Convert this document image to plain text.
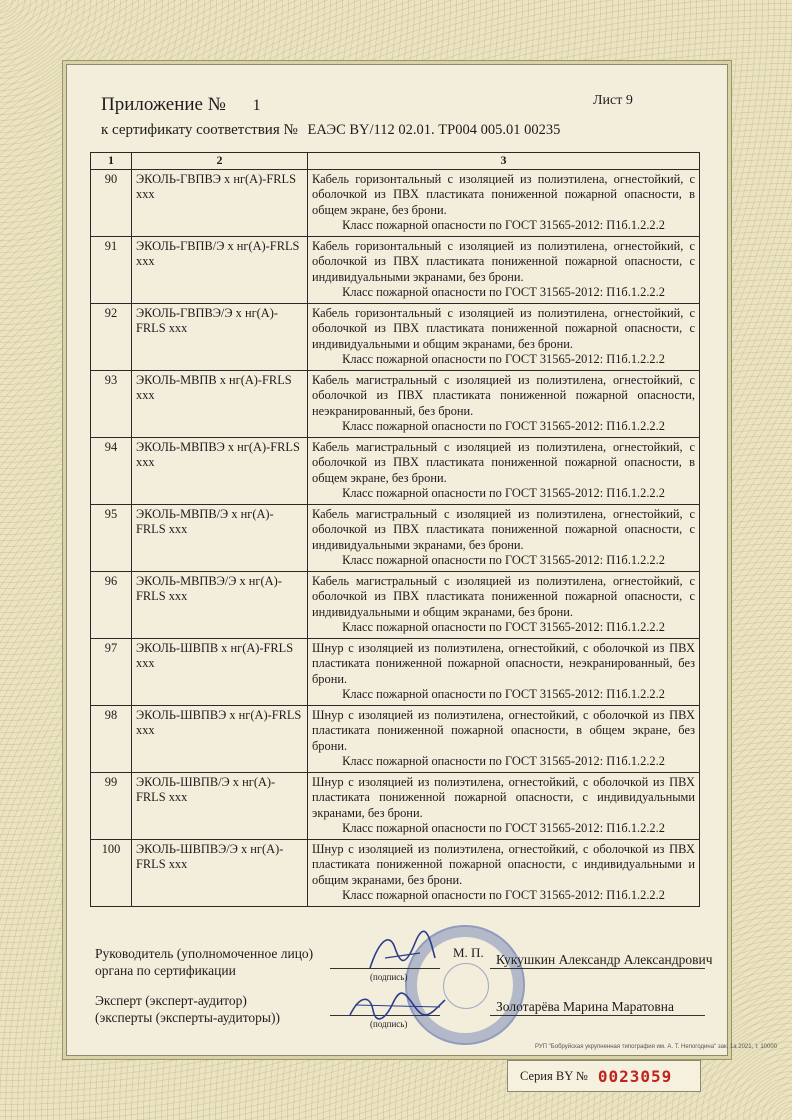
Приложение № 1	Лист 9
к сертификату соответствия № ЕАЭС BY/112 02.01. ТР004 005.01 00235
1	2	3
90	ЭКОЛЬ-ГВПВЭ х нг(А)-FRLS ххх	Кабель горизонтальный с изоляцией из полиэтилена, огнестойкий, с оболочкой из ПВХ пластиката пониженной пожарной опасности, в общем экране, без брони.
Класс пожарной опасности по ГОСТ 31565-2012: П1б.1.2.2.2

91	ЭКОЛЬ-ГВПВ/Э х нг(А)-FRLS ххх	Кабель горизонтальный с изоляцией из полиэтилена, огнестойкий, с оболочкой из ПВХ пластиката пониженной пожарной опасности, с индивидуальными экранами, без брони.
Класс пожарной опасности по ГОСТ 31565-2012: П1б.1.2.2.2

92	ЭКОЛЬ-ГВПВЭ/Э х нг(А)-FRLS ххх	Кабель горизонтальный с изоляцией из полиэтилена, огнестойкий, с оболочкой из ПВХ пластиката пониженной пожарной опасности, с индивидуальными и общим экранами, без брони.
Класс пожарной опасности по ГОСТ 31565-2012: П1б.1.2.2.2

93	ЭКОЛЬ-МВПВ х нг(А)-FRLS ххх	Кабель магистральный с изоляцией из полиэтилена, огнестойкий, с оболочкой из ПВХ пластиката пониженной пожарной опасности, неэкранированный, без брони.
Класс пожарной опасности по ГОСТ 31565-2012: П1б.1.2.2.2

94	ЭКОЛЬ-МВПВЭ х нг(А)-FRLS ххх	Кабель магистральный с изоляцией из полиэтилена, огнестойкий, с оболочкой из ПВХ пластиката пониженной пожарной опасности, в общем экране, без брони.
Класс пожарной опасности по ГОСТ 31565-2012: П1б.1.2.2.2

95	ЭКОЛЬ-МВПВ/Э х нг(А)-FRLS ххх	Кабель магистральный с изоляцией из полиэтилена, огнестойкий, с оболочкой из ПВХ пластиката пониженной пожарной опасности, с индивидуальными экранами, без брони.
Класс пожарной опасности по ГОСТ 31565-2012: П1б.1.2.2.2

96	ЭКОЛЬ-МВПВЭ/Э х нг(А)-FRLS ххх	Кабель магистральный с изоляцией из полиэтилена, огнестойкий, с оболочкой из ПВХ пластиката пониженной пожарной опасности, с индивидуальными и общим экранами, без брони.
Класс пожарной опасности по ГОСТ 31565-2012: П1б.1.2.2.2

97	ЭКОЛЬ-ШВПВ х нг(А)-FRLS ххх	Шнур с изоляцией из полиэтилена, огнестойкий, с оболочкой из ПВХ пластиката пониженной пожарной опасности, неэкранированный, без брони.
Класс пожарной опасности по ГОСТ 31565-2012: П1б.1.2.2.2

98	ЭКОЛЬ-ШВПВЭ х нг(А)-FRLS ххх	Шнур с изоляцией из полиэтилена, огнестойкий, с оболочкой из ПВХ пластиката пониженной пожарной опасности, в общем экране, без брони.
Класс пожарной опасности по ГОСТ 31565-2012: П1б.1.2.2.2

99	ЭКОЛЬ-ШВПВ/Э х нг(А)-FRLS ххх	Шнур с изоляцией из полиэтилена, огнестойкий, с оболочкой из ПВХ пластиката пониженной пожарной опасности, с индивидуальными экранами, без брони.
Класс пожарной опасности по ГОСТ 31565-2012: П1б.1.2.2.2

100	ЭКОЛЬ-ШВПВЭ/Э х нг(А)-FRLS ххх	Шнур с изоляцией из полиэтилена, огнестойкий, с оболочкой из ПВХ пластиката пониженной пожарной опасности, с индивидуальными и общим экранами, без брони.
Класс пожарной опасности по ГОСТ 31565-2012: П1б.1.2.2.2
Руководитель (уполномоченное лицо)
органа по сертификации
Эксперт (эксперт-аудитор)
(эксперты (эксперты-аудиторы))
(подпись)
(подпись)
М. П. Кукушкин Александр Александрович
Золотарёва Марина Маратовна
РУП "Бобруйская укрупненная типография им. А. Т. Непогодина" зак. 1а 2021, т. 10000
Серия BY № 0023059
